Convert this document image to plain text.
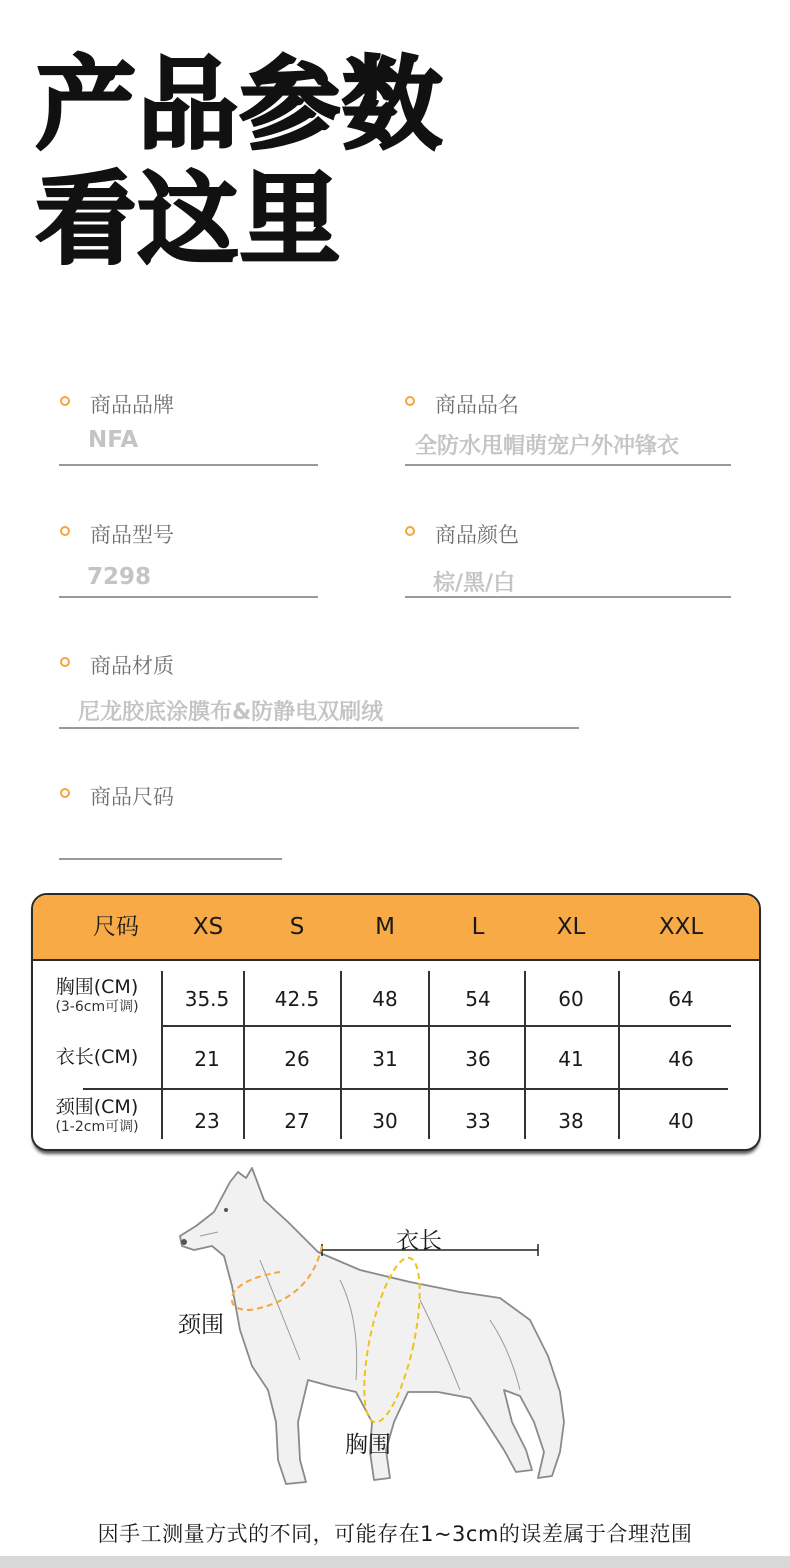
产品参数
看这里
商品品牌
NFA
商品品名
全防水甩帽萌宠户外冲锋衣
商品型号
7298
商品颜色
棕/黑/白
商品材质
尼龙胶底涂膜布&防静电双刷绒
商品尺码
尺码	XS	S	M	L	XL	XXL
胸围(CM)
(3-6cm可调)	35.5	42.5	48	54	60	64
衣长(CM)	21	26	31	36	41	46
颈围(CM)
(1-2cm可调)	23	27	30	33	38	40
衣长
颈围
胸围
因手工测量方式的不同，可能存在1~3cm的误差属于合理范围
